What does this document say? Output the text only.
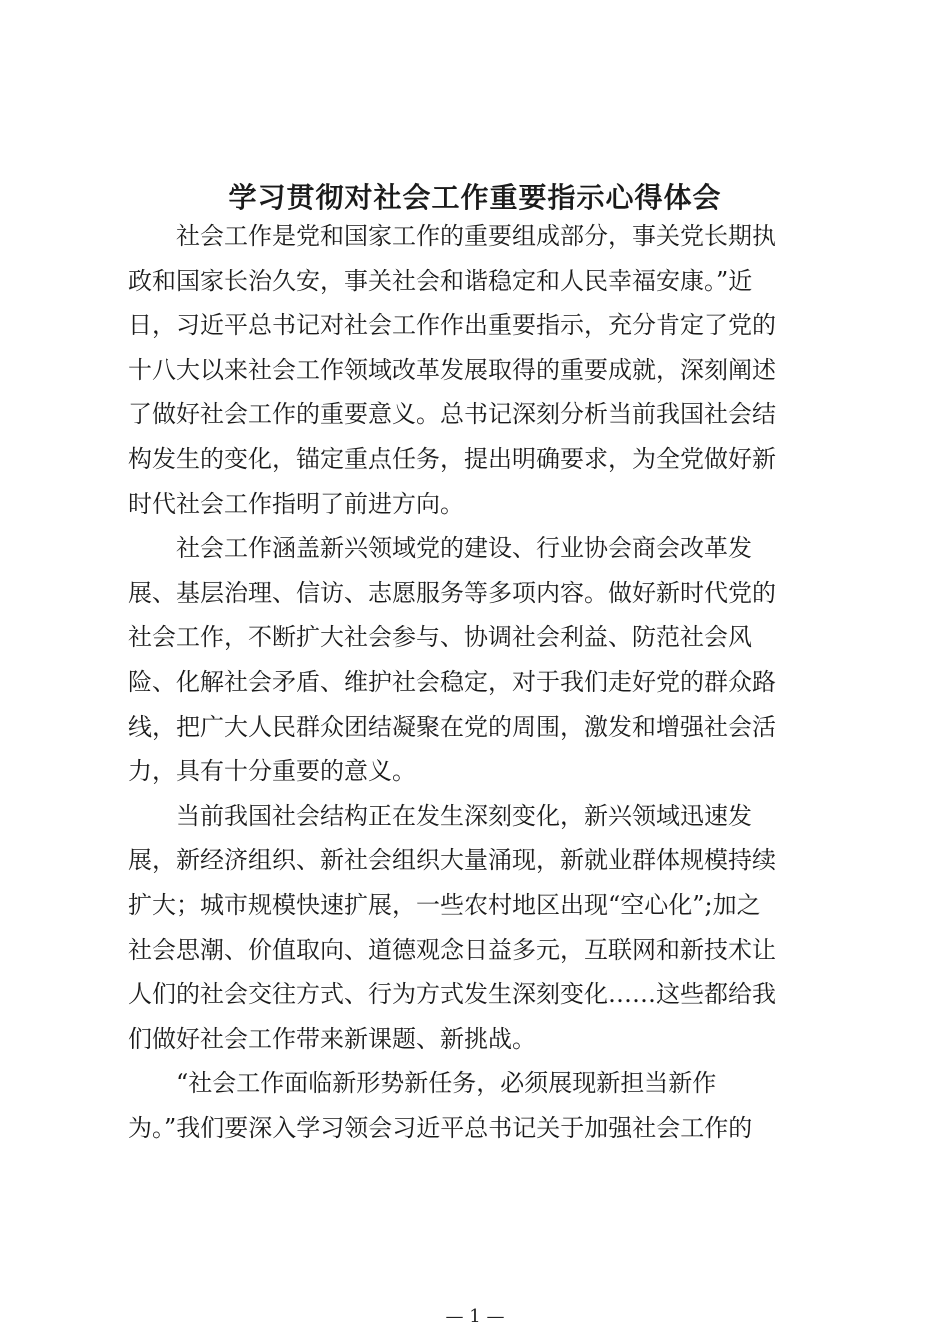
学习贯彻对社会工作重要指示心得体会

社会工作是党和国家工作的重要组成部分，事关党长期执
政和国家长治久安，事关社会和谐稳定和人民幸福安康。”近
日，习近平总书记对社会工作作出重要指示，充分肯定了党的
十八大以来社会工作领域改革发展取得的重要成就，深刻阐述
了做好社会工作的重要意义。总书记深刻分析当前我国社会结
构发生的变化，锚定重点任务，提出明确要求，为全党做好新
时代社会工作指明了前进方向。

社会工作涵盖新兴领域党的建设、行业协会商会改革发
展、基层治理、信访、志愿服务等多项内容。做好新时代党的
社会工作，不断扩大社会参与、协调社会利益、防范社会风
险、化解社会矛盾、维护社会稳定，对于我们走好党的群众路
线，把广大人民群众团结凝聚在党的周围，激发和增强社会活
力，具有十分重要的意义。

当前我国社会结构正在发生深刻变化，新兴领域迅速发
展，新经济组织、新社会组织大量涌现，新就业群体规模持续
扩大；城市规模快速扩展，一些农村地区出现“空心化”;加之
社会思潮、价值取向、道德观念日益多元，互联网和新技术让
人们的社会交往方式、行为方式发生深刻变化……这些都给我
们做好社会工作带来新课题、新挑战。

“社会工作面临新形势新任务，必须展现新担当新作
为。”我们要深入学习领会习近平总书记关于加强社会工作的

— 1 —
